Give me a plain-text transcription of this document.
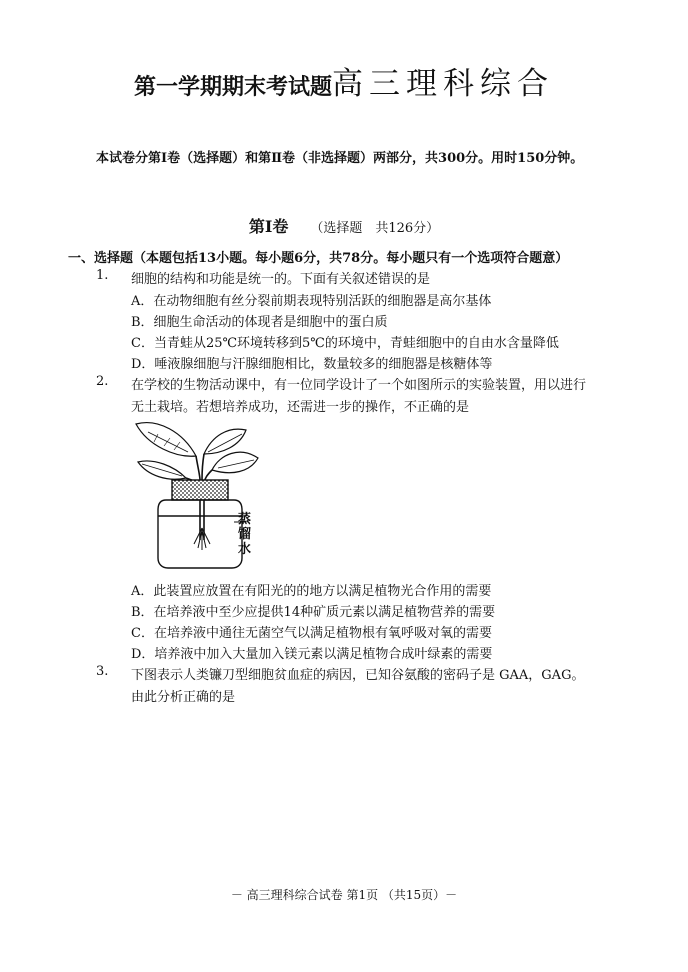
第一学期期末考试题高三理科综合
本试卷分第Ⅰ卷（选择题）和第Ⅱ卷（非选择题）两部分，共300分。用时150分钟。
第Ⅰ卷 （选择题　共126分）
一、选择题（本题包括13小题。每小题6分，共78分。每小题只有一个选项符合题意）
1. 细胞的结构和功能是统一的。下面有关叙述错误的是
A．在动物细胞有丝分裂前期表现特别活跃的细胞器是高尔基体
B．细胞生命活动的体现者是细胞中的蛋白质
C．当青蛙从25℃环境转移到5℃的环境中，青蛙细胞中的自由水含量降低
D．唾液腺细胞与汗腺细胞相比，数量较多的细胞器是核糖体等
2. 在学校的生物活动课中，有一位同学设计了一个如图所示的实验装置，用以进行
无土栽培。若想培养成功，还需进一步的操作，不正确的是
蒸馏水
A．此装置应放置在有阳光的的地方以满足植物光合作用的需要
B．在培养液中至少应提供14种矿质元素以满足植物营养的需要
C．在培养液中通往无菌空气以满足植物根有氧呼吸对氧的需要
D．培养液中加入大量加入镁元素以满足植物合成叶绿素的需要
3. 下图表示人类镰刀型细胞贫血症的病因，已知谷氨酸的密码子是 GAA，GAG。
由此分析正确的是
－ 高三理科综合试卷 第1页 （共15页）－
